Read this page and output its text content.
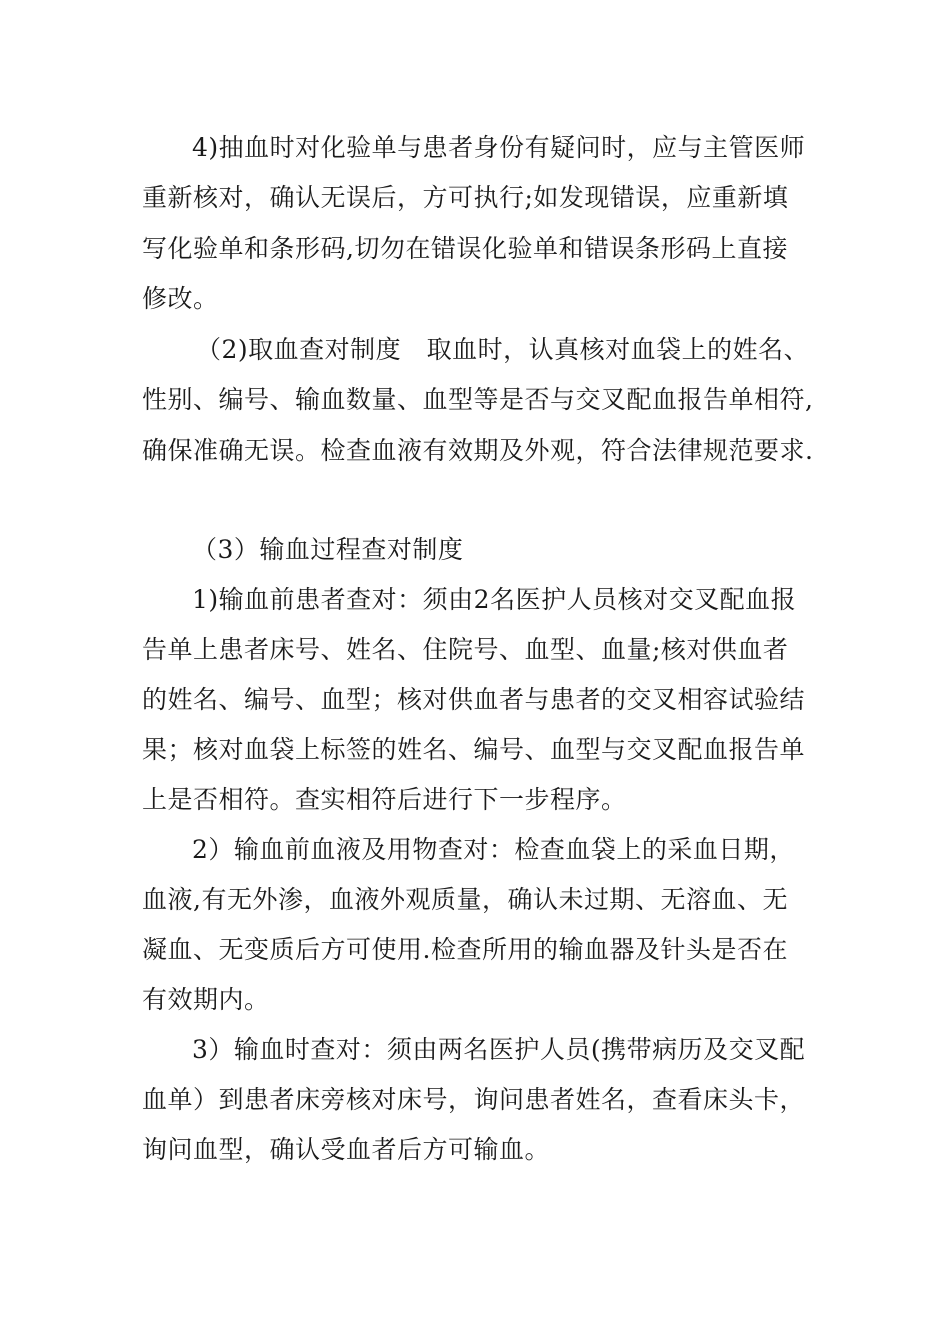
4)抽血时对化验单与患者身份有疑问时，应与主管医师
重新核对，确认无误后，方可执行;如发现错误，应重新填
写化验单和条形码,切勿在错误化验单和错误条形码上直接
修改。
（2)取血查对制度　取血时，认真核对血袋上的姓名、
性别、编号、输血数量、血型等是否与交叉配血报告单相符,
确保准确无误。检查血液有效期及外观，符合法律规范要求.
（3）输血过程查对制度
1)输血前患者查对：须由2名医护人员核对交叉配血报
告单上患者床号、姓名、住院号、血型、血量;核对供血者
的姓名、编号、血型；核对供血者与患者的交叉相容试验结
果；核对血袋上标签的姓名、编号、血型与交叉配血报告单
上是否相符。查实相符后进行下一步程序。
2）输血前血液及用物查对：检查血袋上的采血日期，
血液,有无外渗，血液外观质量，确认未过期、无溶血、无
凝血、无变质后方可使用.检查所用的输血器及针头是否在
有效期内。
3）输血时查对：须由两名医护人员(携带病历及交叉配
血单）到患者床旁核对床号，询问患者姓名，查看床头卡，
询问血型，确认受血者后方可输血。
